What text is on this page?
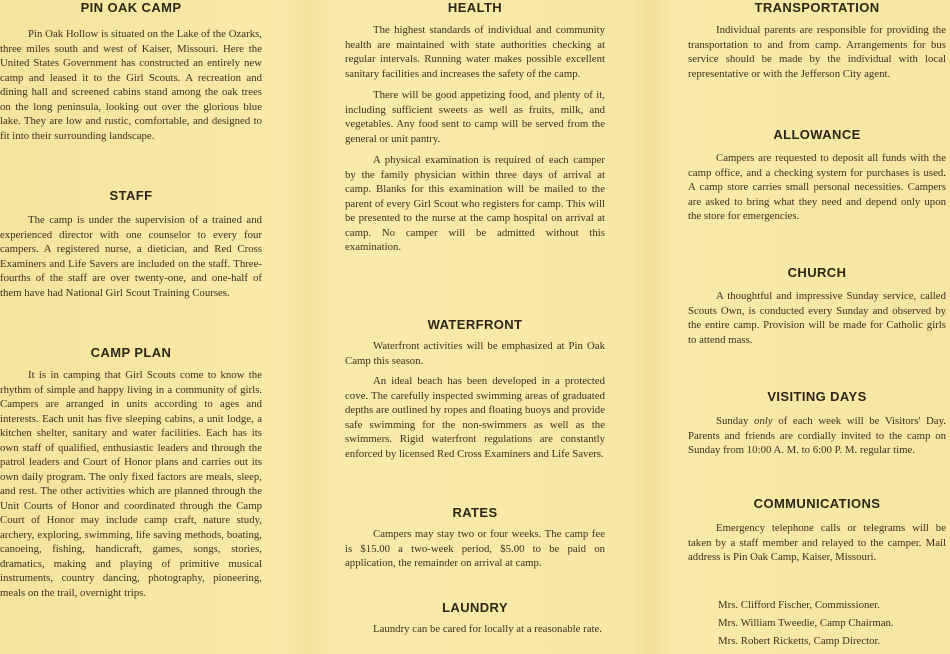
PIN OAK CAMP

Pin Oak Hollow is situated on the Lake of the Ozarks, three miles south and west of Kaiser, Missouri. Here the United States Government has constructed an entirely new camp and leased it to the Girl Scouts. A recreation and dining hall and screened cabins stand among the oak trees on the long peninsula, looking out over the glorious blue lake. They are low and rustic, comfortable, and designed to fit into their surrounding landscape.

STAFF

The camp is under the supervision of a trained and experienced director with one counselor to every four campers. A registered nurse, a dietician, and Red Cross Examiners and Life Savers are included on the staff. Three-fourths of the staff are over twenty-one, and one-half of them have had National Girl Scout Training Courses.

CAMP PLAN

It is in camping that Girl Scouts come to know the rhythm of simple and happy living in a community of girls. Campers are arranged in units according to ages and interests. Each unit has five sleeping cabins, a unit lodge, a kitchen shelter, sanitary and water facilities. Each has its own staff of qualified, enthusiastic leaders and through the patrol leaders and Court of Honor plans and carries out its own daily program. The only fixed factors are meals, sleep, and rest. The other activities which are planned through the Unit Courts of Honor and coordinated through the Camp Court of Honor may include camp craft, nature study, archery, exploring, swimming, life saving methods, boating, canoeing, fishing, handicraft, games, songs, stories, dramatics, making and playing of primitive musical instruments, country dancing, photography, pioneering, meals on the trail, overnight trips.

HEALTH

The highest standards of individual and community health are maintained with state authorities checking at regular intervals. Running water makes possible excellent sanitary facilities and increases the safety of the camp.

There will be good appetizing food, and plenty of it, including sufficient sweets as well as fruits, milk, and vegetables. Any food sent to camp will be served from the general or unit pantry.

A physical examination is required of each camper by the family physician within three days of arrival at camp. Blanks for this examination will be mailed to the parent of every Girl Scout who registers for camp. This will be presented to the nurse at the camp hospital on arrival at camp. No camper will be admitted without this examination.

WATERFRONT

Waterfront activities will be emphasized at Pin Oak Camp this season.

An ideal beach has been developed in a protected cove. The carefully inspected swimming areas of graduated depths are outlined by ropes and floating buoys and provide safe swimming for the non-swimmers as well as the swimmers. Rigid waterfront regulations are constantly enforced by licensed Red Cross Examiners and Life Savers.

RATES

Campers may stay two or four weeks. The camp fee is $15.00 a two-week period, $5.00 to be paid on application, the remainder on arrival at camp.

LAUNDRY

Laundry can be cared for locally at a reasonable rate.

TRANSPORTATION

Individual parents are responsible for providing the transportation to and from camp. Arrangements for bus service should be made by the individual with local representative or with the Jefferson City agent.

ALLOWANCE

Campers are requested to deposit all funds with the camp office, and a checking system for purchases is used. A camp store carries small personal necessities. Campers are asked to bring what they need and depend only upon the store for emergencies.

CHURCH

A thoughtful and impressive Sunday service, called Scouts Own, is conducted every Sunday and observed by the entire camp. Provision will be made for Catholic girls to attend mass.

VISITING DAYS

Sunday only of each week will be Visitors' Day. Parents and friends are cordially invited to the camp on Sunday from 10:00 A. M. to 6:00 P. M. regular time.

COMMUNICATIONS

Emergency telephone calls or telegrams will be taken by a staff member and relayed to the camper. Mail address is Pin Oak Camp, Kaiser, Missouri.

Mrs. Clifford Fischer, Commissioner.

Mrs. William Tweedie, Camp Chairman.

Mrs. Robert Ricketts, Camp Director.
